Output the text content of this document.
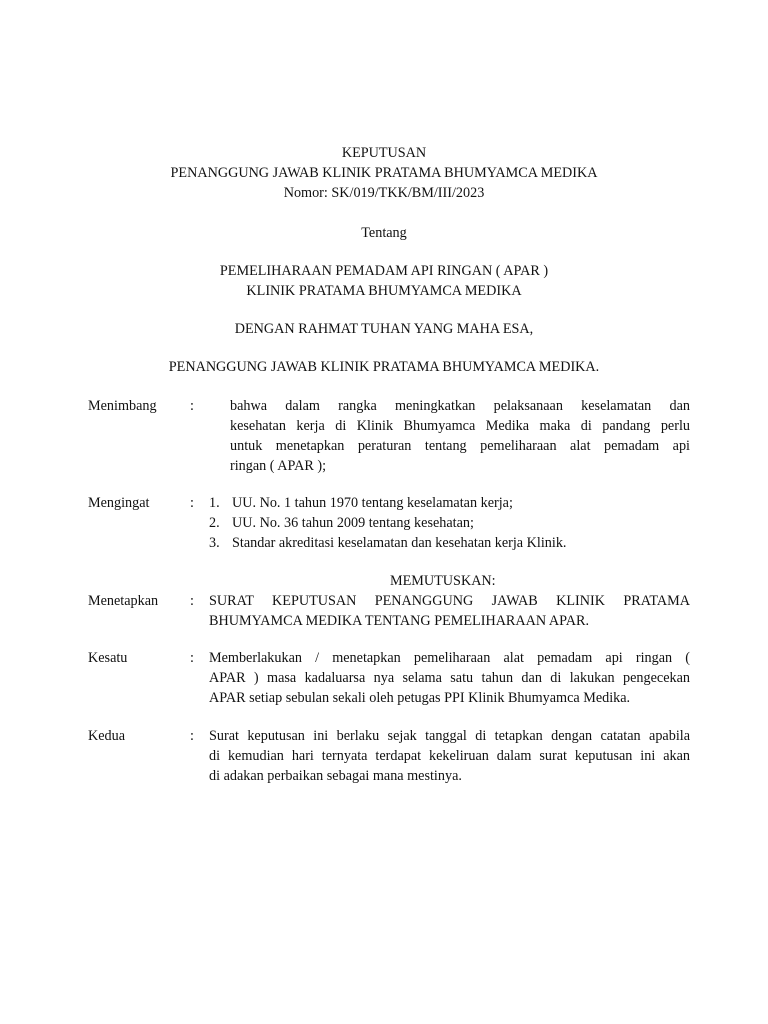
KEPUTUSAN
PENANGGUNG JAWAB KLINIK PRATAMA BHUMYAMCA MEDIKA
Nomor: SK/019/TKK/BM/III/2023
Tentang
PEMELIHARAAN PEMADAM API RINGAN ( APAR )
KLINIK PRATAMA BHUMYAMCA MEDIKA
DENGAN RAHMAT TUHAN YANG MAHA ESA,
PENANGGUNG JAWAB KLINIK PRATAMA BHUMYAMCA MEDIKA.
Menimbang :	bahwa dalam rangka meningkatkan pelaksanaan keselamatan dan
kesehatan kerja di Klinik Bhumyamca Medika maka di pandang perlu
untuk menetapkan peraturan tentang pemeliharaan alat pemadam api
ringan ( APAR );
Mengingat	: 1. UU. No. 1 tahun 1970 tentang keselamatan kerja;
2. UU. No. 36 tahun 2009 tentang kesehatan;
3. Standar akreditasi keselamatan dan kesehatan kerja Klinik.
MEMUTUSKAN:
Menetapkan : SURAT KEPUTUSAN PENANGGUNG JAWAB KLINIK PRATAMA
BHUMYAMCA MEDIKA TENTANG PEMELIHARAAN APAR.
Kesatu	: Memberlakukan / menetapkan pemeliharaan alat pemadam api ringan (
APAR ) masa kadaluarsa nya selama satu tahun dan di lakukan pengecekan
APAR setiap sebulan sekali oleh petugas PPI Klinik Bhumyamca Medika.
Kedua	: Surat keputusan ini berlaku sejak tanggal di tetapkan dengan catatan apabila
di kemudian hari ternyata terdapat kekeliruan dalam surat keputusan ini akan
di adakan perbaikan sebagai mana mestinya.
